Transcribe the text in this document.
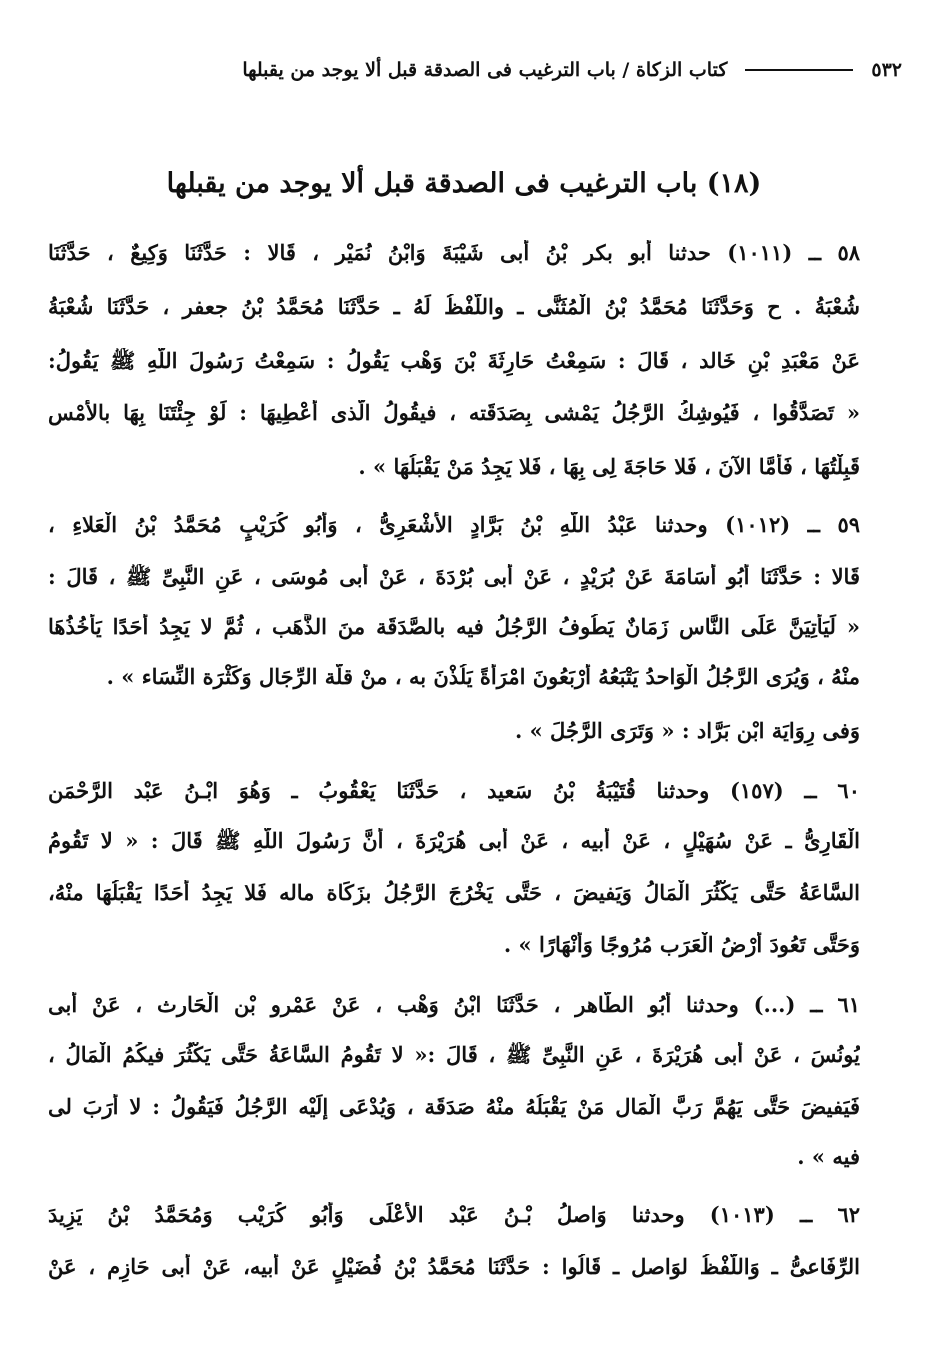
٥٣٢
كتاب الزكاة / باب الترغيب فى الصدقة قبل ألا يوجد من يقبلها
(١٨) باب الترغيب فى الصدقة قبل ألا يوجد من يقبلها
٥٨ ــ (١٠١١) حدثنا أبو بكر بْنُ أبى شَيْبَةَ وَابْنُ نُمَيْر ، قَالا : حَدَّثَنَا وَكِيعٌ ، حَدَّثَنَا
شُعْبَةُ . ح وَحَدَّثَنَا مُحَمَّدُ بْنُ الْمُثَنَّى ـ واللَّفْظُ لَهُ ـ حَدَّثَنَا مُحَمَّدُ بْنُ جعفر ، حَدَّثَنَا شُعْبَةُ
عَنْ مَعْبَدِ بْنِ خَالد ، قَالَ : سَمِعْتُ حَارِثَةَ بْنَ وَهْب يَقُولُ : سَمِعْتُ رَسُولَ اللّهِ ﷺ يَقُولُ:
« تَصَدَّقُوا ، فَيُوشِكُ الرَّجُلُ يَمْشى بِصَدَقَته ، فيقُولُ الَّذى أُعْطِيهَا : لَوْ جِئْتَنَا بِهَا بالأمْس
قَبِلْتُهَا ، فَأَمَّا الآنَ ، فَلا حَاجَةَ لِى بِهَا ، فَلا يَجِدُ مَنْ يَقْبَلُهَا » .
٥٩ ــ (١٠١٢) وحدثنا عَبْدُ اللّهِ بْنُ بَرَّادٍ الأَشْعَرِىُّ ، وَأَبُو كُرَيْبٍ مُحَمَّدُ بْنُ الْعَلاءِ ،
قَالا : حَدَّثَنَا أبُو أُسَامَةَ عَنْ بُرَيْدٍ ، عَنْ أبى بُرْدَةَ ، عَنْ أبى مُوسَى ، عَنِ النَّبِىِّ ﷺ ، قَالَ :
« لَيَأْتِيَنَّ عَلَى النَّاس زَمَانٌ يَطُوفُ الرَّجُلُ فيه بالصَّدَقَة منَ الذَّهَب ، ثُمَّ لا يَجِدُ أحَدًا يَأْخُذُهَا
منْهُ ، وَيُرَى الرَّجُلُ الْوَاحدُ يَتْبَعُهُ أَرْبَعُونَ امْرَأَةً يَلُذْنَ به ، منْ قلَّة الرِّجَال وَكَثْرَة النِّسَاء » .
وَفى رِوَايَة ابْن بَرَّاد : « وَتَرَى الرَّجُلَ » .
٦٠ ــ (١٥٧) وحدثنا قُتَيْبَةُ بْنُ سَعيد ، حَدَّثَنَا يَعْقُوبُ ـ وَهُوَ ابْـنُ عَبْد الرَّحْمَن
الْقَارِىُّ ـ عَنْ سُهَيْلٍ ، عَنْ أبيه ، عَنْ أبى هُرَيْرَةَ ، أَنَّ رَسُولَ اللّهِ ﷺ قَالَ : « لا تَقُومُ
السَّاعَةُ حَتَّى يَكْثُرَ الْمَالُ وَيَفيضَ ، حَتَّى يَخْرُجَ الرَّجُلُ بزَكَاة ماله فَلا يَجِدُ أحَدًا يَقْبَلُهَا منْهُ،
وَحَتَّى تَعُودَ أَرْضُ الْعَرَب مُرُوجًا وَأَنْهَارًا » .
٦١ ــ (...) وحدثنا أبُو الطَّاهر ، حَدَّثَنَا ابْنُ وَهْب ، عَنْ عَمْرو بْن الْحَارث ، عَنْ أبى
يُونُسَ ، عَنْ أبى هُرَيْرَةَ ، عَنِ النَّبِىِّ ﷺ ، قَالَ :« لا تَقُومُ السَّاعَةُ حَتَّى يَكْثُرَ فيكُمُ الْمَالُ ،
فَيَفيضَ حَتَّى يَهُمَّ رَبَّ الْمَال مَنْ يَقْبَلُهُ منْهُ صَدَقَة ، وَيُدْعَى إلَيْه الرَّجُلُ فَيَقُولُ : لا أَرَبَ لى
فيه » .
٦٢ ــ (١٠١٣) وحدثنا وَاصلُ بْـنُ عَبْد الأَعْلَى وَأبُو كُرَيْب وَمُحَمَّدُ بْنُ يَزِيدَ
الرِّفَاعىُّ ـ وَاللَّفْظُ لوَاصل ـ قَالُوا : حَدَّثَنَا مُحَمَّدُ بْنُ فُضَيْلٍ عَنْ أبيه، عَنْ أبى حَازِم ، عَنْ
